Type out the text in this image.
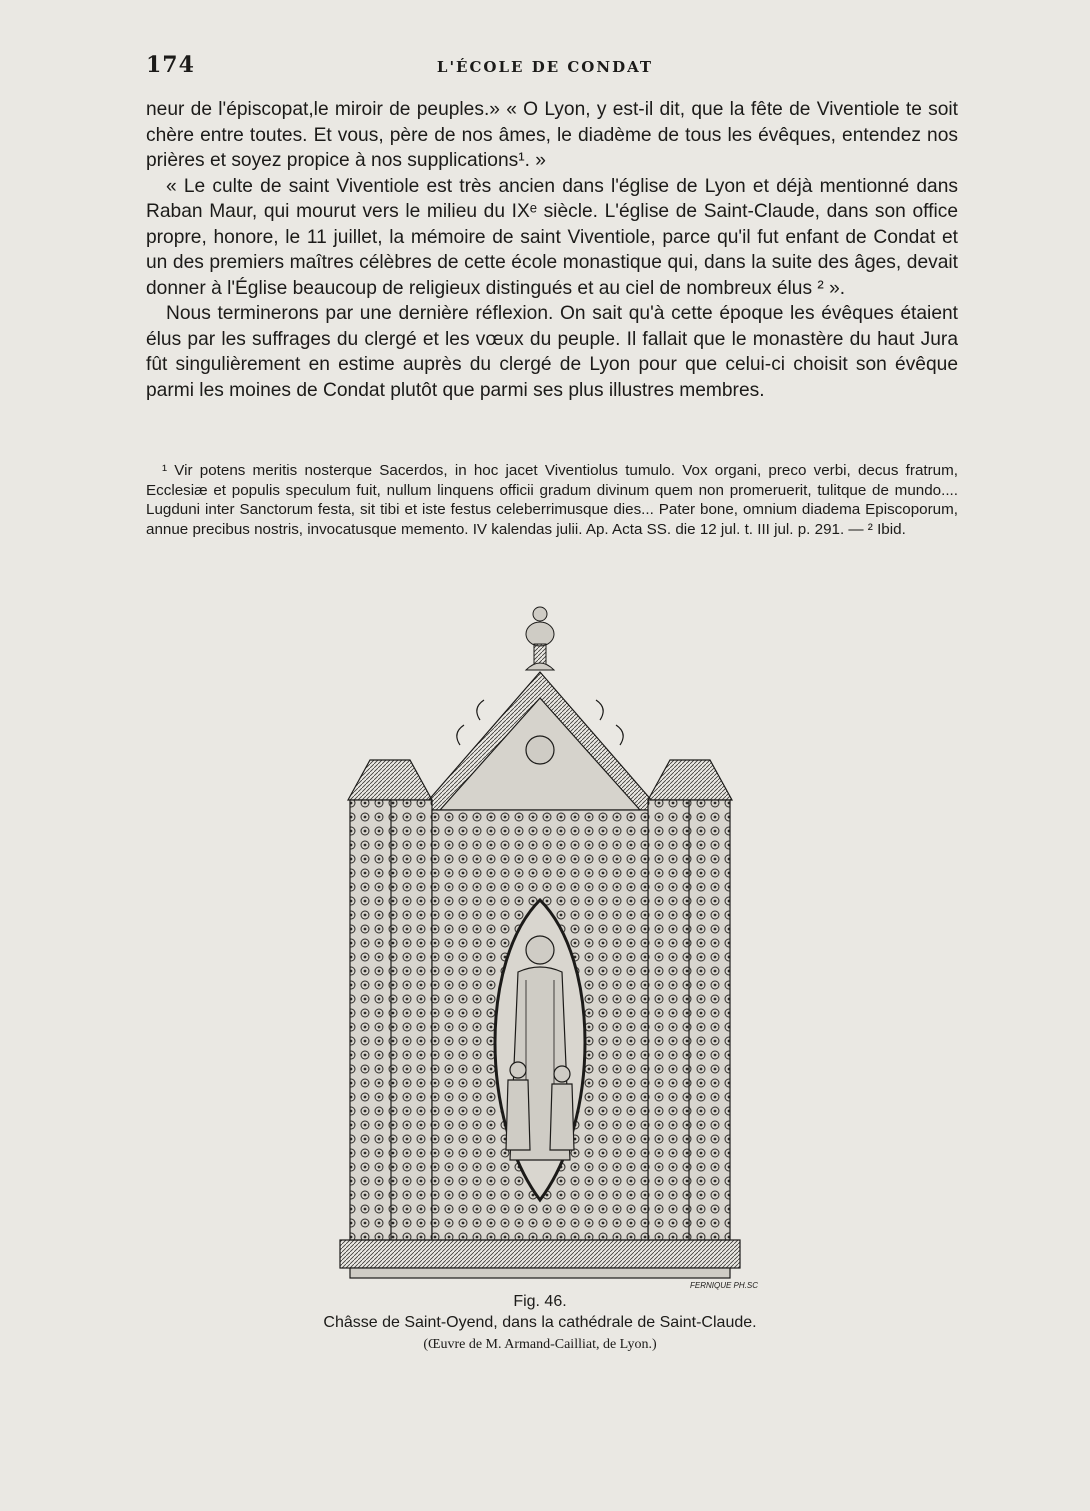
174	L'ÉCOLE DE CONDAT

neur de l'épiscopat,le miroir de peuples.» « O Lyon, y est-il dit, que la fête de Viventiole te soit chère entre toutes. Et vous, père de nos âmes, le diadème de tous les évêques, entendez nos prières et soyez propice à nos supplications¹. »

« Le culte de saint Viventiole est très ancien dans l'église de Lyon et déjà mentionné dans Raban Maur, qui mourut vers le milieu du IXᵉ siècle. L'église de Saint-Claude, dans son office propre, honore, le 11 juillet, la mémoire de saint Viventiole, parce qu'il fut enfant de Condat et un des premiers maîtres célèbres de cette école monastique qui, dans la suite des âges, devait donner à l'Église beaucoup de religieux distingués et au ciel de nombreux élus ² ».

Nous terminerons par une dernière réflexion. On sait qu'à cette époque les évêques étaient élus par les suffrages du clergé et les vœux du peuple. Il fallait que le monastère du haut Jura fût singulièrement en estime auprès du clergé de Lyon pour que celui-ci choisit son évêque parmi les moines de Condat plutôt que parmi ses plus illustres membres.

¹ Vir potens meritis nosterque Sacerdos, in hoc jacet Viventiolus tumulo. Vox organi, preco verbi, decus fratrum, Ecclesiæ et populis speculum fuit, nullum linquens officii gradum divinum quem non promeruerit, tulitque de mundo.... Lugduni inter Sanctorum festa, sit tibi et iste festus celeberrimusque dies... Pater bone, omnium diadema Episcoporum, annue precibus nostris, invocatusque memento. IV kalendas julii. Ap. Acta SS. die 12 jul. t. III jul. p. 291. — ² Ibid.

FERNIQUE PH.SC
Fig. 46.
Châsse de Saint-Oyend, dans la cathédrale de Saint-Claude.
(Œuvre de M. Armand-Cailliat, de Lyon.)
